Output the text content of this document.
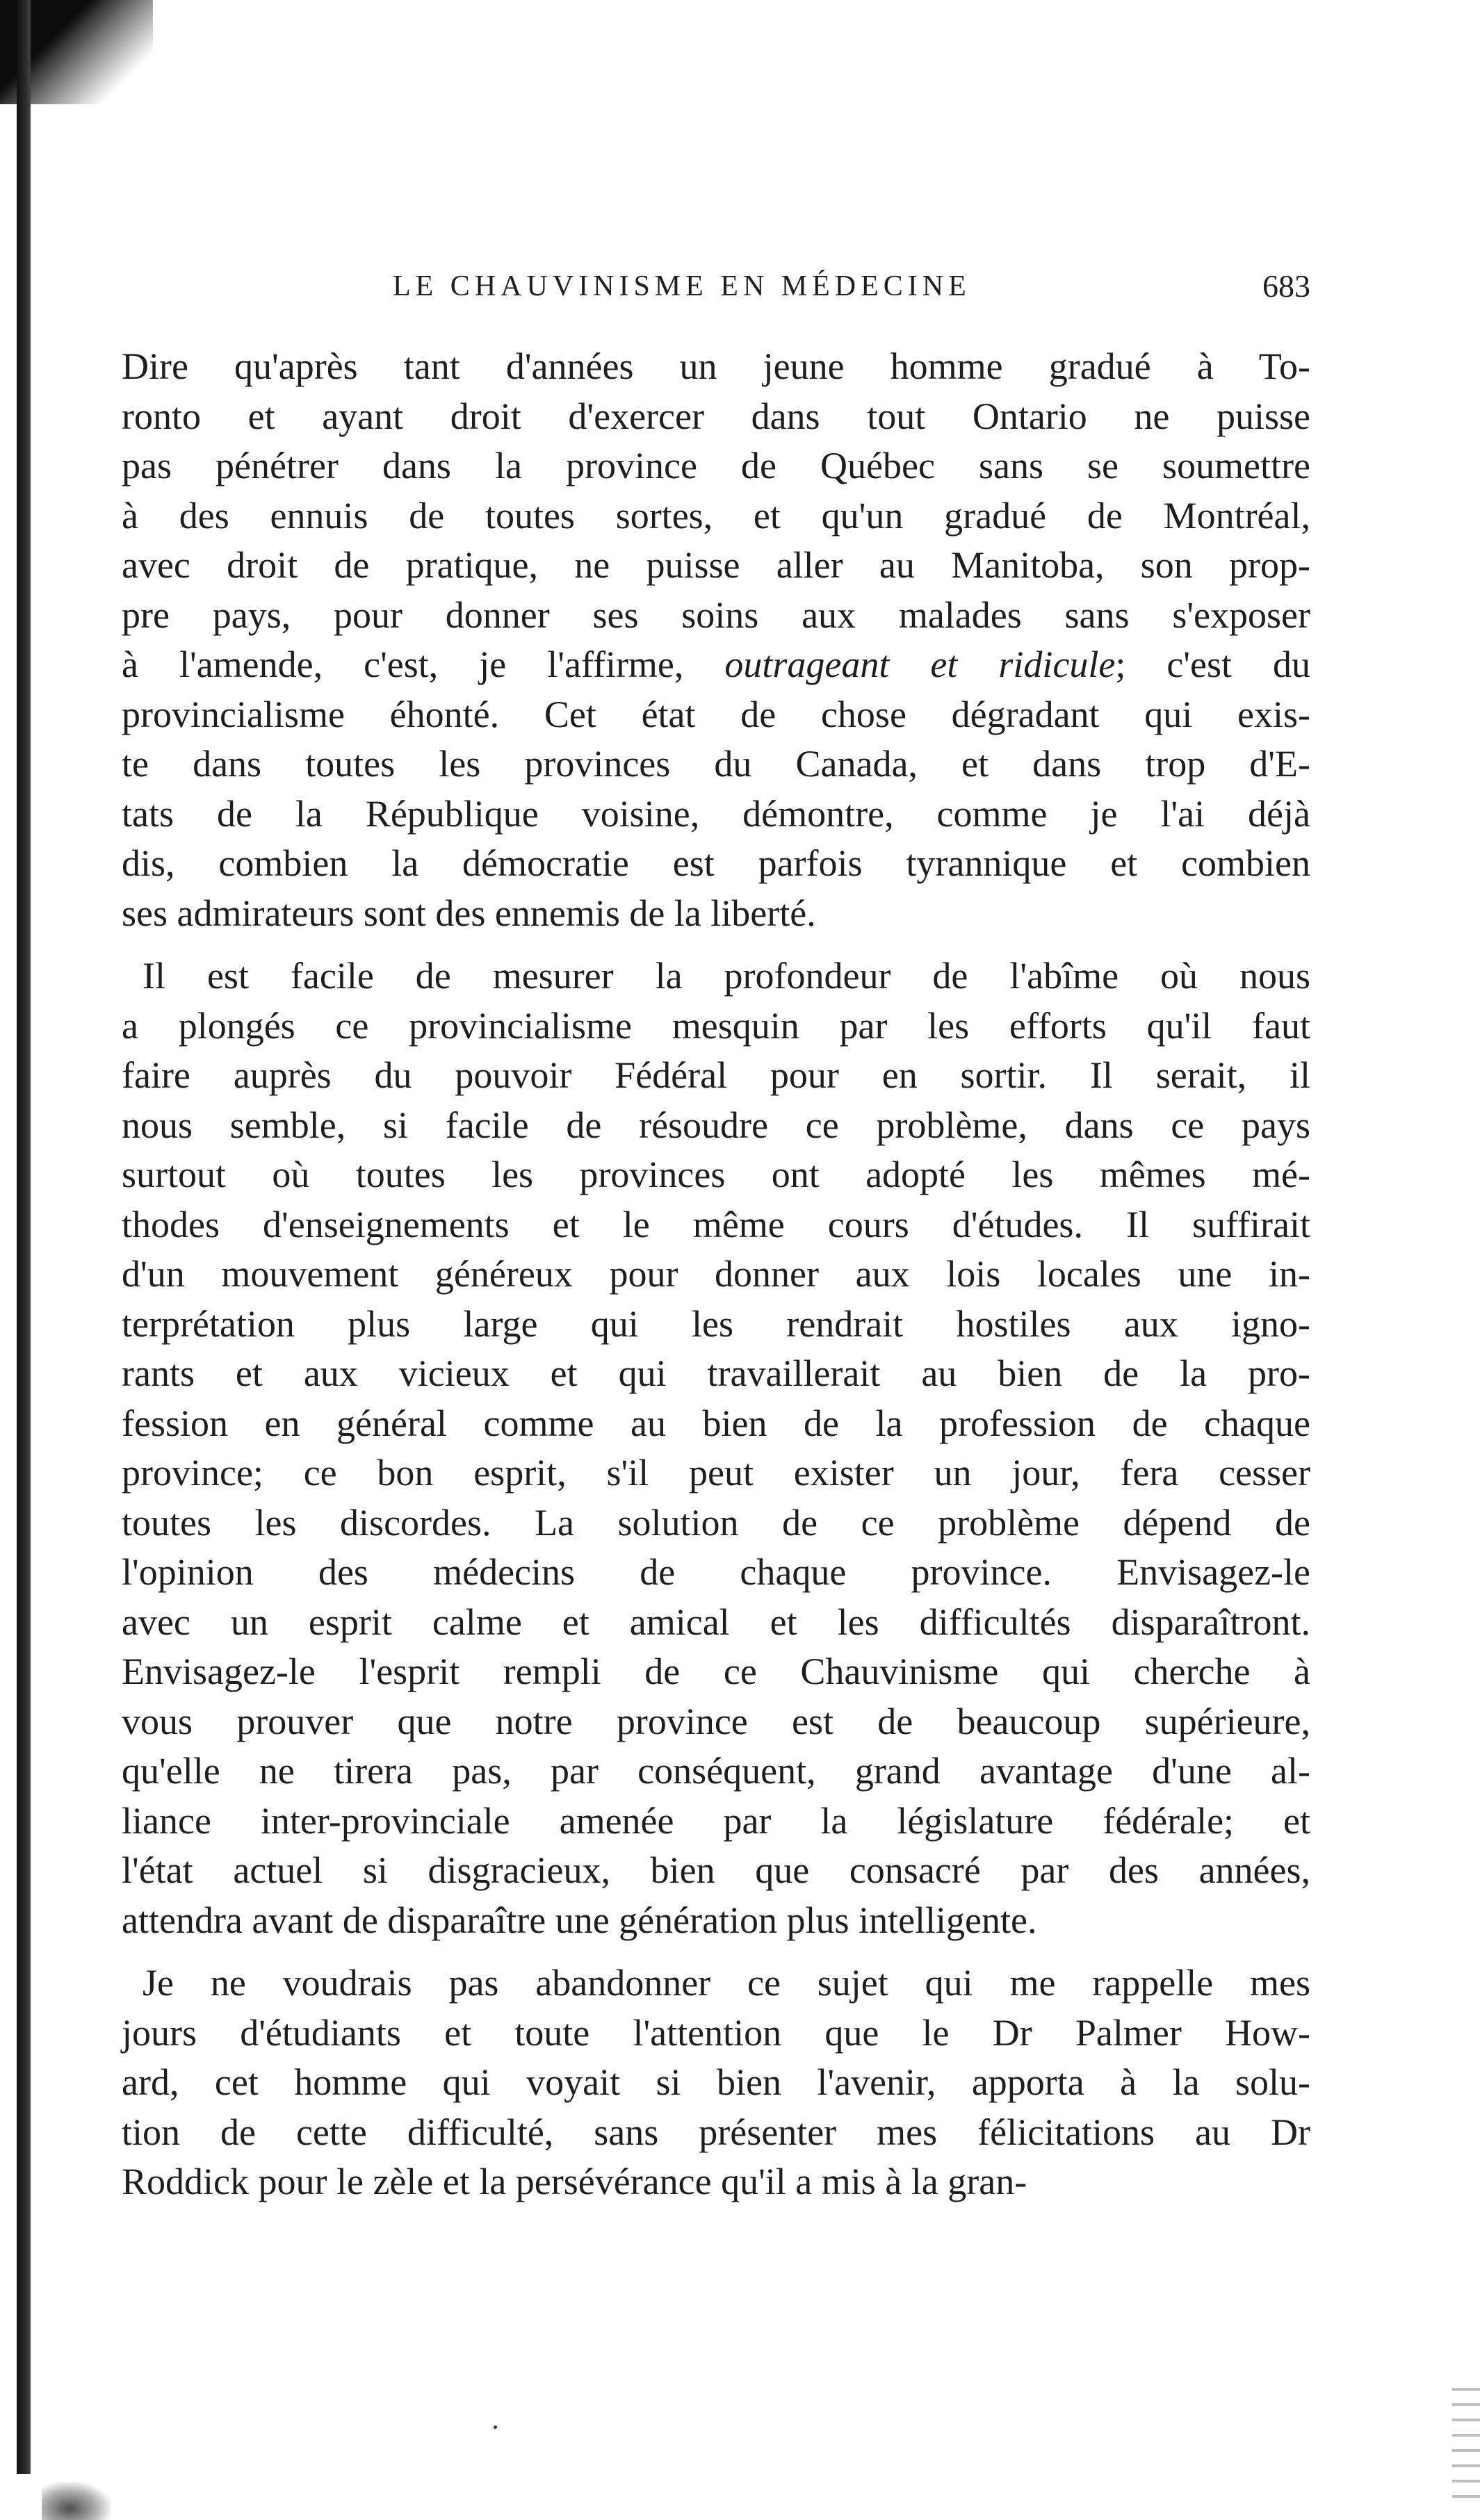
LE CHAUVINISME EN MÉDECINE	683
Dire qu'après tant d'années un jeune homme gradué à To-
ronto et ayant droit d'exercer dans tout Ontario ne puisse
pas pénétrer dans la province de Québec sans se soumettre
à des ennuis de toutes sortes, et qu'un gradué de Montréal,
avec droit de pratique, ne puisse aller au Manitoba, son prop-
pre pays, pour donner ses soins aux malades sans s'exposer
à l'amende, c'est, je l'affirme, outrageant et ridicule; c'est du
provincialisme éhonté. Cet état de chose dégradant qui exis-
te dans toutes les provinces du Canada, et dans trop d'E-
tats de la République voisine, démontre, comme je l'ai déjà
dis, combien la démocratie est parfois tyrannique et combien
ses admirateurs sont des ennemis de la liberté.
Il est facile de mesurer la profondeur de l'abîme où nous
a plongés ce provincialisme mesquin par les efforts qu'il faut
faire auprès du pouvoir Fédéral pour en sortir. Il serait, il
nous semble, si facile de résoudre ce problème, dans ce pays
surtout où toutes les provinces ont adopté les mêmes mé-
thodes d'enseignements et le même cours d'études. Il suffirait
d'un mouvement généreux pour donner aux lois locales une in-
terprétation plus large qui les rendrait hostiles aux igno-
rants et aux vicieux et qui travaillerait au bien de la pro-
fession en général comme au bien de la profession de chaque
province; ce bon esprit, s'il peut exister un jour, fera cesser
toutes les discordes. La solution de ce problème dépend de
l'opinion des médecins de chaque province. Envisagez-le
avec un esprit calme et amical et les difficultés disparaîtront.
Envisagez-le l'esprit rempli de ce Chauvinisme qui cherche à
vous prouver que notre province est de beaucoup supérieure,
qu'elle ne tirera pas, par conséquent, grand avantage d'une al-
liance inter-provinciale amenée par la législature fédérale; et
l'état actuel si disgracieux, bien que consacré par des années,
attendra avant de disparaître une génération plus intelligente.
Je ne voudrais pas abandonner ce sujet qui me rappelle mes
jours d'étudiants et toute l'attention que le Dr Palmer How-
ard, cet homme qui voyait si bien l'avenir, apporta à la solu-
tion de cette difficulté, sans présenter mes félicitations au Dr
Roddick pour le zèle et la persévérance qu'il a mis à la gran-
